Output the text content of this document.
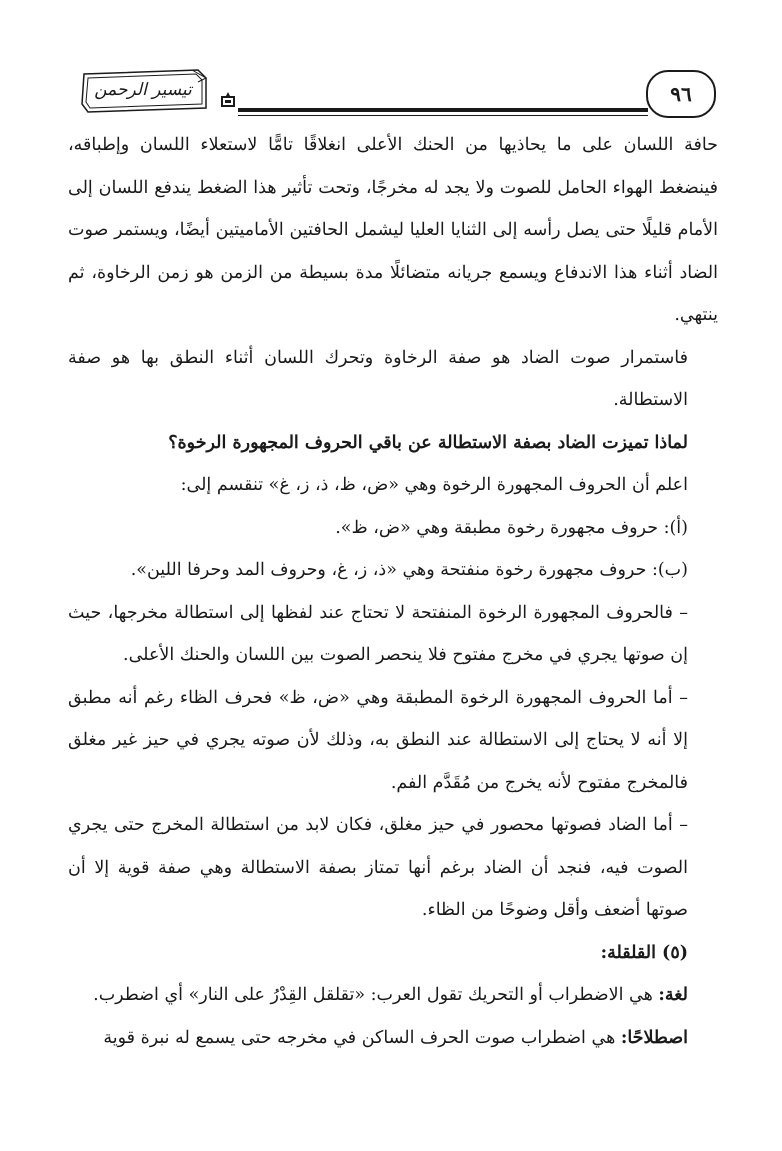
تيسير الرحمن	٩٦

حافة اللسان على ما يحاذيها من الحنك الأعلى انغلاقًا تامًّا لاستعلاء اللسان وإطباقه، فينضغط الهواء الحامل للصوت ولا يجد له مخرجًا، وتحت تأثير هذا الضغط يندفع اللسان إلى الأمام قليلًا حتى يصل رأسه إلى الثنايا العليا ليشمل الحافتين الأماميتين أيضًا، ويستمر صوت الضاد أثناء هذا الاندفاع ويسمع جريانه متضائلًا مدة بسيطة من الزمن هو زمن الرخاوة، ثم ينتهي.

فاستمرار صوت الضاد هو صفة الرخاوة وتحرك اللسان أثناء النطق بها هو صفة الاستطالة.

لماذا تميزت الضاد بصفة الاستطالة عن باقي الحروف المجهورة الرخوة؟

اعلم أن الحروف المجهورة الرخوة وهي «ض، ظ، ذ، ز، غ» تنقسم إلى:

(أ): حروف مجهورة رخوة مطبقة وهي «ض، ظ».

(ب): حروف مجهورة رخوة منفتحة وهي «ذ، ز، غ، وحروف المد وحرفا اللين».

– فالحروف المجهورة الرخوة المنفتحة لا تحتاج عند لفظها إلى استطالة مخرجها، حيث إن صوتها يجري في مخرج مفتوح فلا ينحصر الصوت بين اللسان والحنك الأعلى.

– أما الحروف المجهورة الرخوة المطبقة وهي «ض، ظ» فحرف الظاء رغم أنه مطبق إلا أنه لا يحتاج إلى الاستطالة عند النطق به، وذلك لأن صوته يجري في حيز غير مغلق فالمخرج مفتوح لأنه يخرج من مُقَدَّم الفم.

– أما الضاد فصوتها محصور في حيز مغلق، فكان لابد من استطالة المخرج حتى يجري الصوت فيه، فنجد أن الضاد برغم أنها تمتاز بصفة الاستطالة وهي صفة قوية إلا أن صوتها أضعف وأقل وضوحًا من الظاء.

(٥) القلقلة:

لغة: هي الاضطراب أو التحريك تقول العرب: «تقلقل القِدْرُ على النار» أي اضطرب.

اصطلاحًا: هي اضطراب صوت الحرف الساكن في مخرجه حتى يسمع له نبرة قوية
